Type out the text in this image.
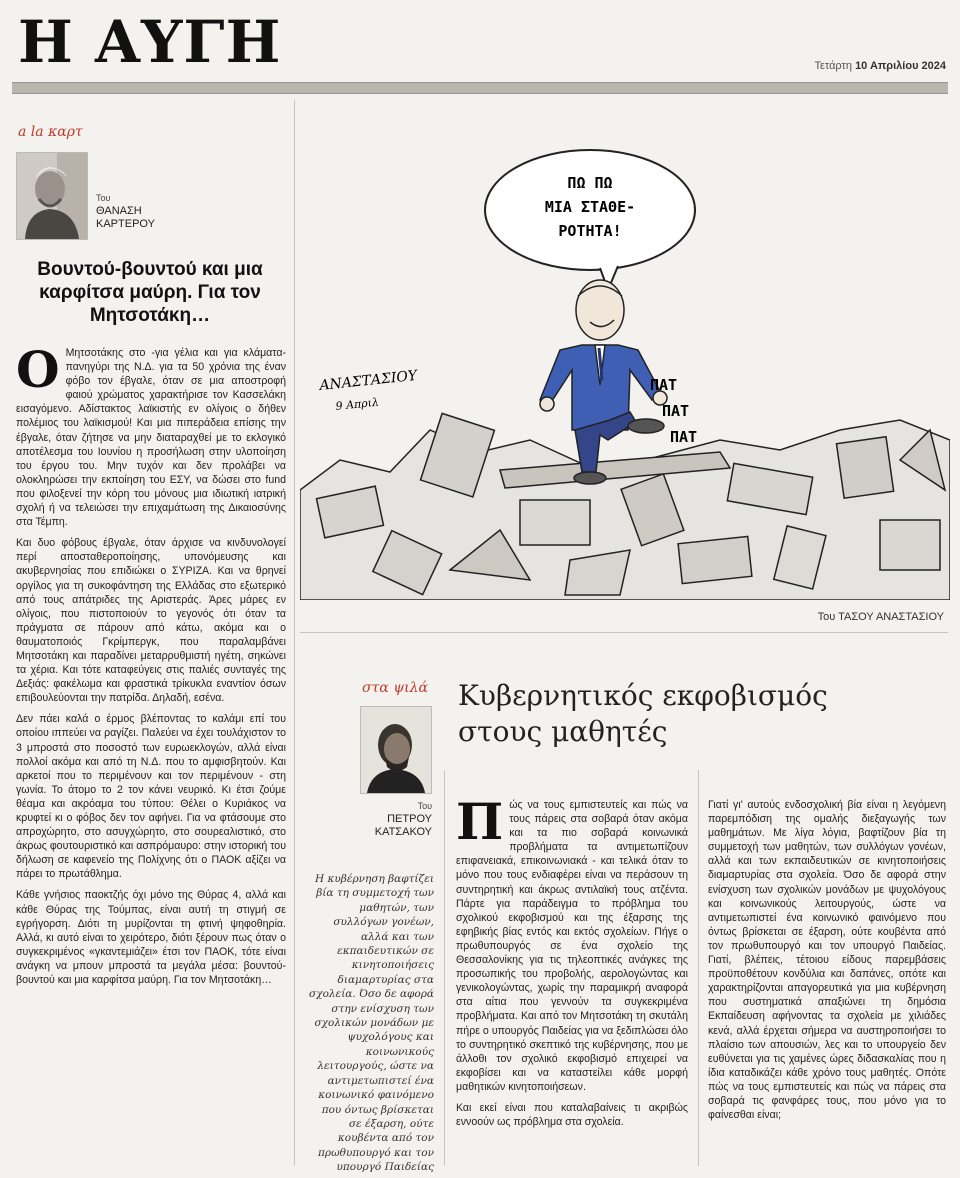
Η ΑΥΓΗ	Τετάρτη 10 Απριλίου 2024
a la καρτ
Του
ΘΑΝΑΣΗ
ΚΑΡΤΕΡΟΥ
Βουντού-βουντού και μια καρφίτσα μαύρη. Για τον Μητσοτάκη…

Ο Μητσοτάκης στο -για γέλια και για κλάματα- πανηγύρι της Ν.Δ. για τα 50 χρόνια της έναν φόβο τον έβγαλε, όταν σε μια αποστροφή φαιού χρώματος χαρακτήρισε τον Κασσελάκη εισαγόμενο. Αδίστακτος λαϊκιστής εν ολίγοις ο δήθεν πολέμιος του λαϊκισμού! Και μια πιπεράδεια επίσης την έβγαλε, όταν ζήτησε να μην διαταραχθεί με το εκλογικό αποτέλεσμα του Ιουνίου η προσήλωση στην υλοποίηση του έργου του. Μην τυχόν και δεν προλάβει να ολοκληρώσει την εκποίηση του ΕΣΥ, να δώσει στο fund που φιλοξενεί την κόρη του μόνους μια ιδιωτική ιατρική σχολή ή να τελειώσει την επιχαμάτωση της Δικαιοσύνης στα Τέμπη.

Και δυο φόβους έβγαλε, όταν άρχισε να κινδυνολογεί περί αποσταθεροποίησης, υπονόμευσης και ακυβερνησίας που επιδιώκει ο ΣΥΡΙΖΑ. Και να θρηνεί οργίλος για τη συκοφάντηση της Ελλάδας στο εξωτερικό από τους απάτριδες της Αριστεράς. Άρες μάρες εν ολίγοις, που πιστοποιούν το γεγονός ότι όταν τα πράγματα σε πάρουν από κάτω, ακόμα και ο θαυματοποιός Γκρίμπεργκ, που παραλαμβάνει Μητσοτάκη και παραδίνει μεταρρυθμιστή ηγέτη, σηκώνει τα χέρια. Και τότε καταφεύγεις στις παλιές συνταγές της Δεξιάς: φακέλωμα και φραστικά τρίκυκλα εναντίον όσων επιβουλεύονται την πατρίδα. Δηλαδή, εσένα.

Δεν πάει καλά ο έρμος βλέποντας το καλάμι επί του οποίου ιππεύει να ραγίζει. Παλεύει να έχει τουλάχιστον το 3 μπροστά στο ποσοστό των ευρωεκλογών, αλλά είναι πολλοί ακόμα και από τη Ν.Δ. που το αμφισβητούν. Και αρκετοί που το περιμένουν και τον περιμένουν - στη γωνία. Το άτομο το 2 τον κάνει νευρικό. Κι έτσι ζούμε θέαμα και ακρόαμα του τύπου: Θέλει ο Κυριάκος να κρυφτεί κι ο φόβος δεν τον αφήνει. Για να φτάσουμε στο απροχώρητο, στο ασυγχώρητο, στο σουρεαλιστικό, στο άκρως φουτουριστικό και ασπρόμαυρο: στην ιστορική του δήλωση σε καφενείο της Πολίχνης ότι ο ΠΑΟΚ αξίζει να πάρει το πρωτάθλημα.

Κάθε γνήσιος παοκτζής όχι μόνο της Θύρας 4, αλλά και κάθε Θύρας της Τούμπας, είναι αυτή τη στιγμή σε εγρήγορση. Διότι τη μυρίζονται τη φτινή ψηφοθηρία. Αλλά, κι αυτό είναι το χειρότερο, διότι ξέρουν πως όταν ο συγκεκριμένος «γκαντεμιάζει» έτσι τον ΠΑΟΚ, τότε είναι ανάγκη να μπουν μπροστά τα μεγάλα μέσα: βουντού-βουντού και μια καρφίτσα μαύρη. Για τον Μητσοτάκη…

ΠΩ ΠΩ
ΜΙΑ ΣΤΑΘΕ-
ΡΟΤΗΤΑ!
ΠΑΤ
ΠΑΤ
ΠΑΤ
ΑΝΑΣΤΑΣΙΟΥ
9 Απριλ
Του ΤΑΣΟΥ ΑΝΑΣΤΑΣΙΟΥ
στα ψιλά Κυβερνητικός εκφοβισμός
στους μαθητές
Του
ΠΕΤΡΟΥ
ΚΑΤΣΑΚΟΥ
Η κυβέρνηση βαφτίζει βία τη συμμετοχή των μαθητών, των συλλόγων γονέων, αλλά και των εκπαιδευτικών σε κινητοποιήσεις διαμαρτυρίας στα σχολεία. Όσο δε αφορά στην ενίσχυση των σχολικών μονάδων με ψυχολόγους και κοινωνικούς λειτουργούς, ώστε να αντιμετωπιστεί ένα κοινωνικό φαινόμενο που όντως βρίσκεται σε έξαρση, ούτε κουβέντα από τον πρωθυπουργό και τον υπουργό Παιδείας

Πώς να τους εμπιστευτείς και πώς να τους πάρεις στα σοβαρά όταν ακόμα και τα πιο σοβαρά κοινωνικά προβλήματα τα αντιμετωπίζουν επιφανειακά, επικοινωνιακά - και τελικά όταν το μόνο που τους ενδιαφέρει είναι να περάσουν τη συντηρητική και άκρως αντιλαϊκή τους ατζέντα. Πάρτε για παράδειγμα το πρόβλημα του σχολικού εκφοβισμού και της έξαρσης της εφηβικής βίας εντός και εκτός σχολείων. Πήγε ο πρωθυπουργός σε ένα σχολείο της Θεσσαλονίκης για τις τηλεοπτικές ανάγκες της προσωπικής του προβολής, αερολογώντας και γενικολογώντας, χωρίς την παραμικρή αναφορά στα αίτια που γεννούν τα συγκεκριμένα προβλήματα. Και από τον Μητσοτάκη τη σκυτάλη πήρε ο υπουργός Παιδείας για να ξεδιπλώσει όλο το συντηρητικό σκεπτικό της κυβέρνησης, που με άλλοθι τον σχολικό εκφοβισμό επιχειρεί να εκφοβίσει και να καταστείλει κάθε μορφή μαθητικών κινητοποιήσεων.

Και εκεί είναι που καταλαβαίνεις τι ακριβώς εννοούν ως πρόβλημα στα σχολεία.

Γιατί γι' αυτούς ενδοσχολική βία είναι η λεγόμενη παρεμπόδιση της ομαλής διεξαγωγής των μαθημάτων. Με λίγα λόγια, βαφτίζουν βία τη συμμετοχή των μαθητών, των συλλόγων γονέων, αλλά και των εκπαιδευτικών σε κινητοποιήσεις διαμαρτυρίας στα σχολεία. Όσο δε αφορά στην ενίσχυση των σχολικών μονάδων με ψυχολόγους και κοινωνικούς λειτουργούς, ώστε να αντιμετωπιστεί ένα κοινωνικό φαινόμενο που όντως βρίσκεται σε έξαρση, ούτε κουβέντα από τον πρωθυπουργό και τον υπουργό Παιδείας. Γιατί, βλέπεις, τέτοιου είδους παρεμβάσεις προϋποθέτουν κονδύλια και δαπάνες, οπότε και χαρακτηρίζονται απαγορευτικά για μια κυβέρνηση που συστηματικά απαξιώνει τη δημόσια Εκπαίδευση αφήνοντας τα σχολεία με χιλιάδες κενά, αλλά έρχεται σήμερα να αυστηροποιήσει το πλαίσιο των απουσιών, λες και το υπουργείο δεν ευθύνεται για τις χαμένες ώρες διδασκαλίας που η ίδια καταδικάζει κάθε χρόνο τους μαθητές. Οπότε πώς να τους εμπιστευτείς και πώς να πάρεις στα σοβαρά τις φανφάρες τους, που μόνο για το φαίνεσθαι είναι;
